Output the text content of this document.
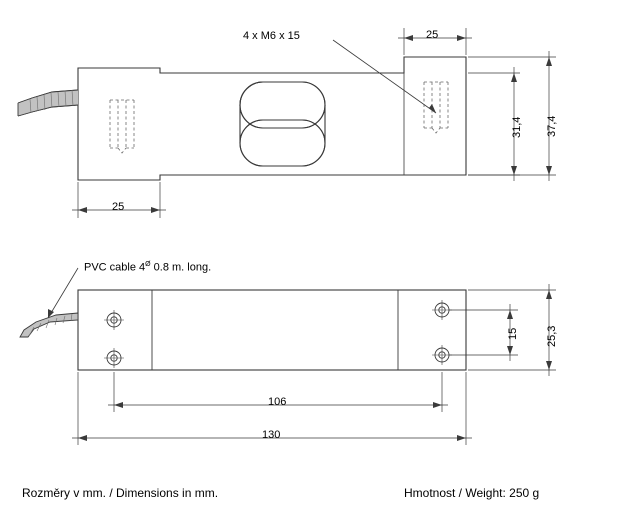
4 x M6 x 15	25
31,4 37,4
25
PVC cable $4^Ø$ 0.8 m. long.
15 25,3
106
130
Rozměry v mm. / Dimensions in mm.	Hmotnost / Weight: 250 g
